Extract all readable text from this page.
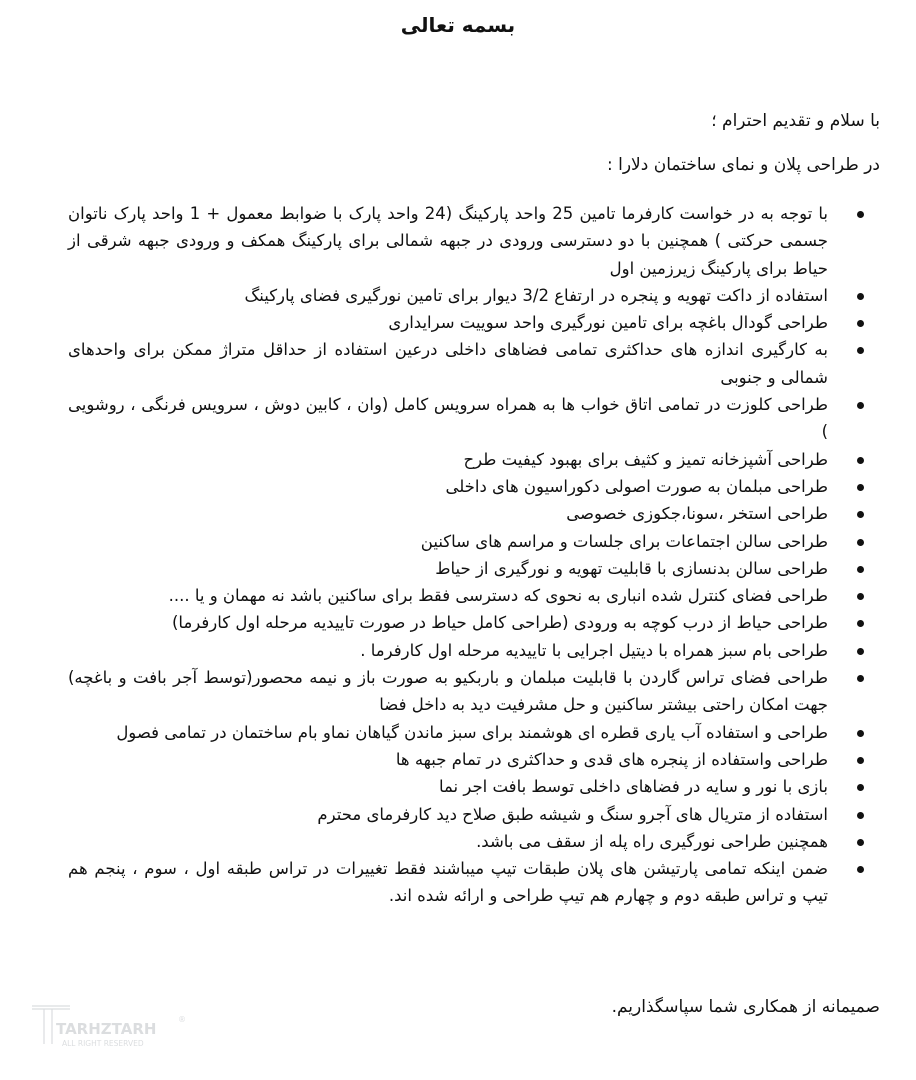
بسمه تعالی
با سلام و تقدیم احترام ؛
در طراحی پلان و نمای ساختمان دلارا :
با توجه به در خواست کارفرما تامین 25 واحد پارکینگ (24 واحد پارک با ضوابط معمول + 1 واحد پارک ناتوان جسمی حرکتی ) همچنین با دو دسترسی ورودی در جبهه شمالی برای پارکینگ همکف و ورودی جبهه شرقی از حیاط برای پارکینگ زیرزمین اول
استفاده از داکت تهویه و پنجره در ارتفاع 3/2 دیوار برای تامین نورگیری فضای پارکینگ
طراحی گودال باغچه برای تامین نورگیری واحد سوییت سرایداری
به کارگیری اندازه های حداکثری تمامی فضاهای داخلی درعین استفاده از حداقل متراژ ممکن برای واحدهای شمالی و جنوبی
طراحی کلوزت در تمامی اتاق خواب ها به همراه سرویس کامل (وان ، کابین دوش ، سرویس فرنگی ، روشویی )
طراحی آشپزخانه تمیز و کثیف برای بهبود کیفیت طرح
طراحی مبلمان به صورت اصولی دکوراسیون های داخلی
طراحی استخر ،سونا،جکوزی خصوصی
طراحی سالن اجتماعات برای جلسات و مراسم های ساکنین
طراحی سالن بدنسازی با قابلیت تهویه و نورگیری از حیاط
طراحی فضای کنترل شده انباری به نحوی که دسترسی فقط برای ساکنین باشد نه مهمان و یا ....
طراحی حیاط از درب کوچه به ورودی (طراحی کامل حیاط در صورت تاییدیه مرحله اول کارفرما)
طراحی بام سبز همراه با دیتیل اجرایی با تاییدیه مرحله اول کارفرما .
طراحی فضای تراس گاردن با قابلیت مبلمان و باربکیو به صورت باز و نیمه محصور(توسط آجر بافت و باغچه) جهت امکان راحتی بیشتر ساکنین و حل مشرفیت دید به داخل فضا
طراحی و استفاده آب یاری قطره ای هوشمند برای سبز ماندن گیاهان نماو بام ساختمان در تمامی فصول
طراحی واستفاده از پنجره های قدی و حداکثری در تمام جبهه ها
بازی با نور و سایه در فضاهای داخلی توسط بافت اجر نما
استفاده از متریال های آجرو سنگ و شیشه طبق صلاح دید کارفرمای محترم
همچنین طراحی نورگیری راه پله از سقف می باشد.
ضمن اینکه تمامی پارتیشن های پلان طبقات تیپ میباشند فقط تغییرات در تراس طبقه اول ، سوم ، پنجم هم تیپ و تراس طبقه دوم و چهارم هم تیپ طراحی و ارائه شده اند.
صمیمانه از همکاری شما سپاسگذاریم.
TARHZTARH
®
ALL RIGHT RESERVED
